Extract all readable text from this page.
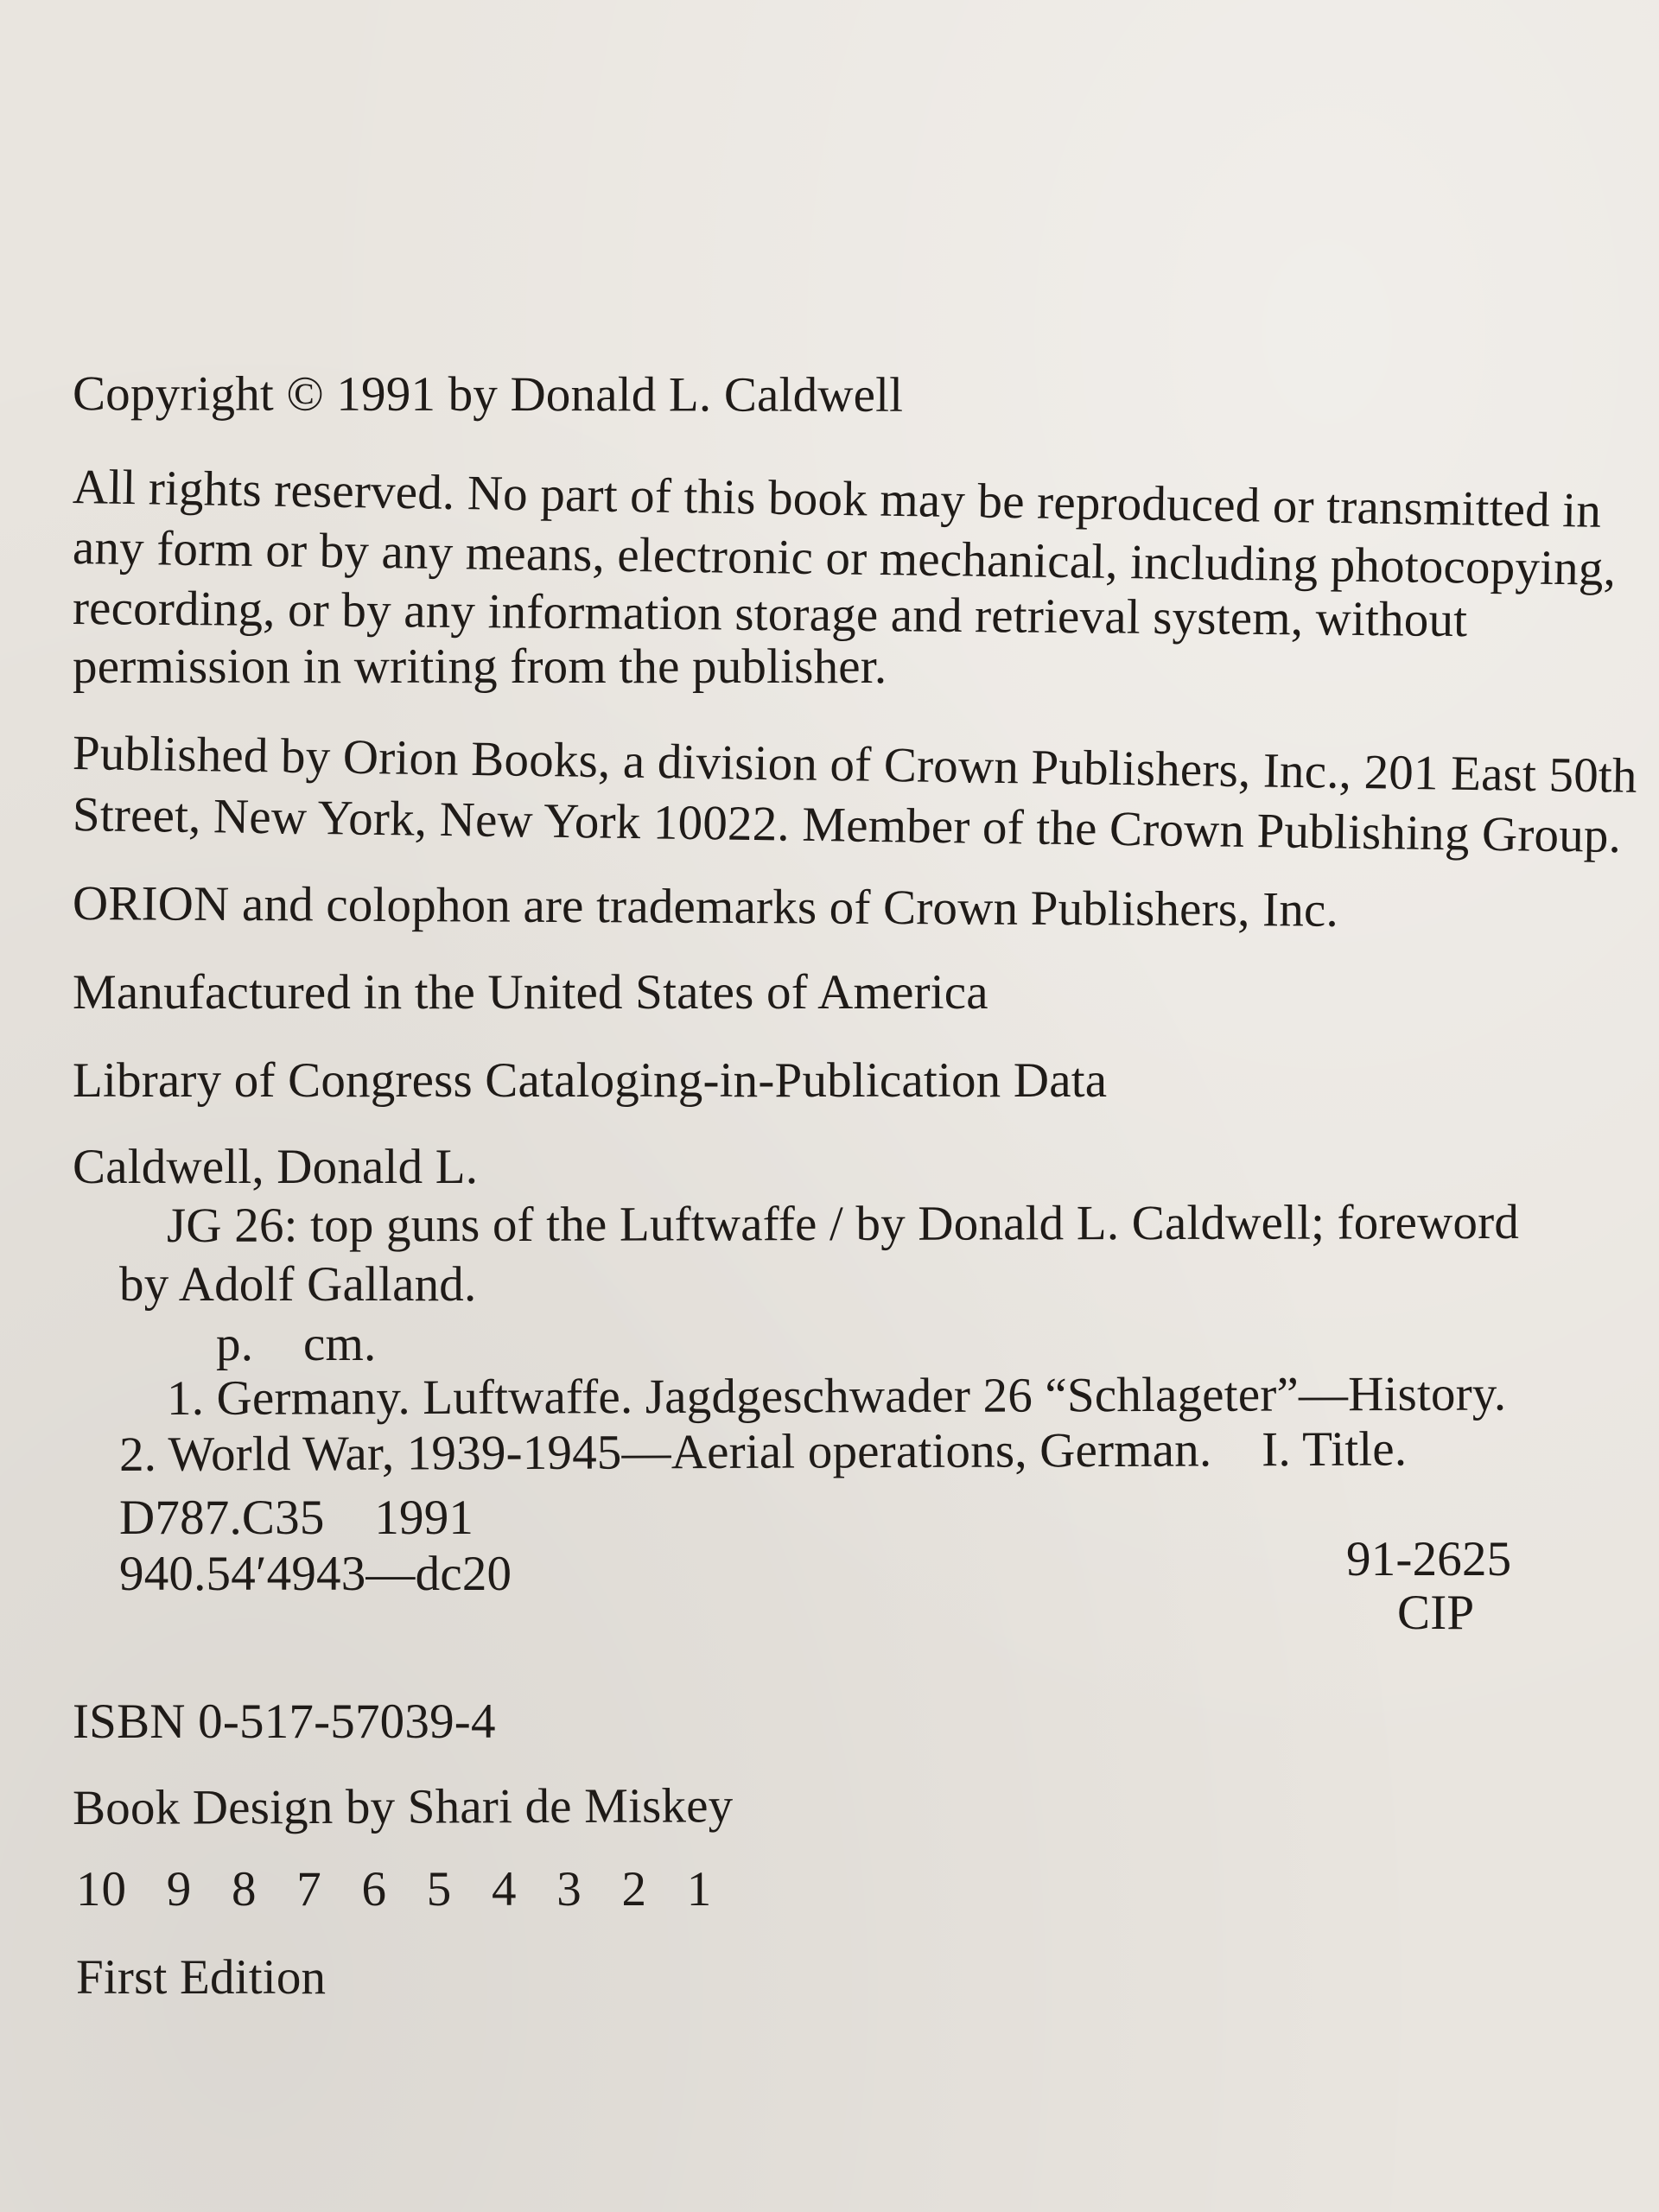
Copyright © 1991 by Donald L. Caldwell
All rights reserved. No part of this book may be reproduced or transmitted in
any form or by any means, electronic or mechanical, including photocopying,
recording, or by any information storage and retrieval system, without
permission in writing from the publisher.
Published by Orion Books, a division of Crown Publishers, Inc., 201 East 50th
Street, New York, New York 10022. Member of the Crown Publishing Group.
ORION and colophon are trademarks of Crown Publishers, Inc.
Manufactured in the United States of America
Library of Congress Cataloging-in-Publication Data
Caldwell, Donald L.
JG 26: top guns of the Luftwaffe / by Donald L. Caldwell; foreword
by Adolf Galland.
p.    cm.
1. Germany. Luftwaffe. Jagdgeschwader 26 “Schlageter”—History.
2. World War, 1939-1945—Aerial operations, German.    I. Title.
D787.C35    1991
940.54′4943—dc20	91-2625
CIP
ISBN 0-517-57039-4
Book Design by Shari de Miskey
10   9   8   7   6   5   4   3   2   1
First Edition
